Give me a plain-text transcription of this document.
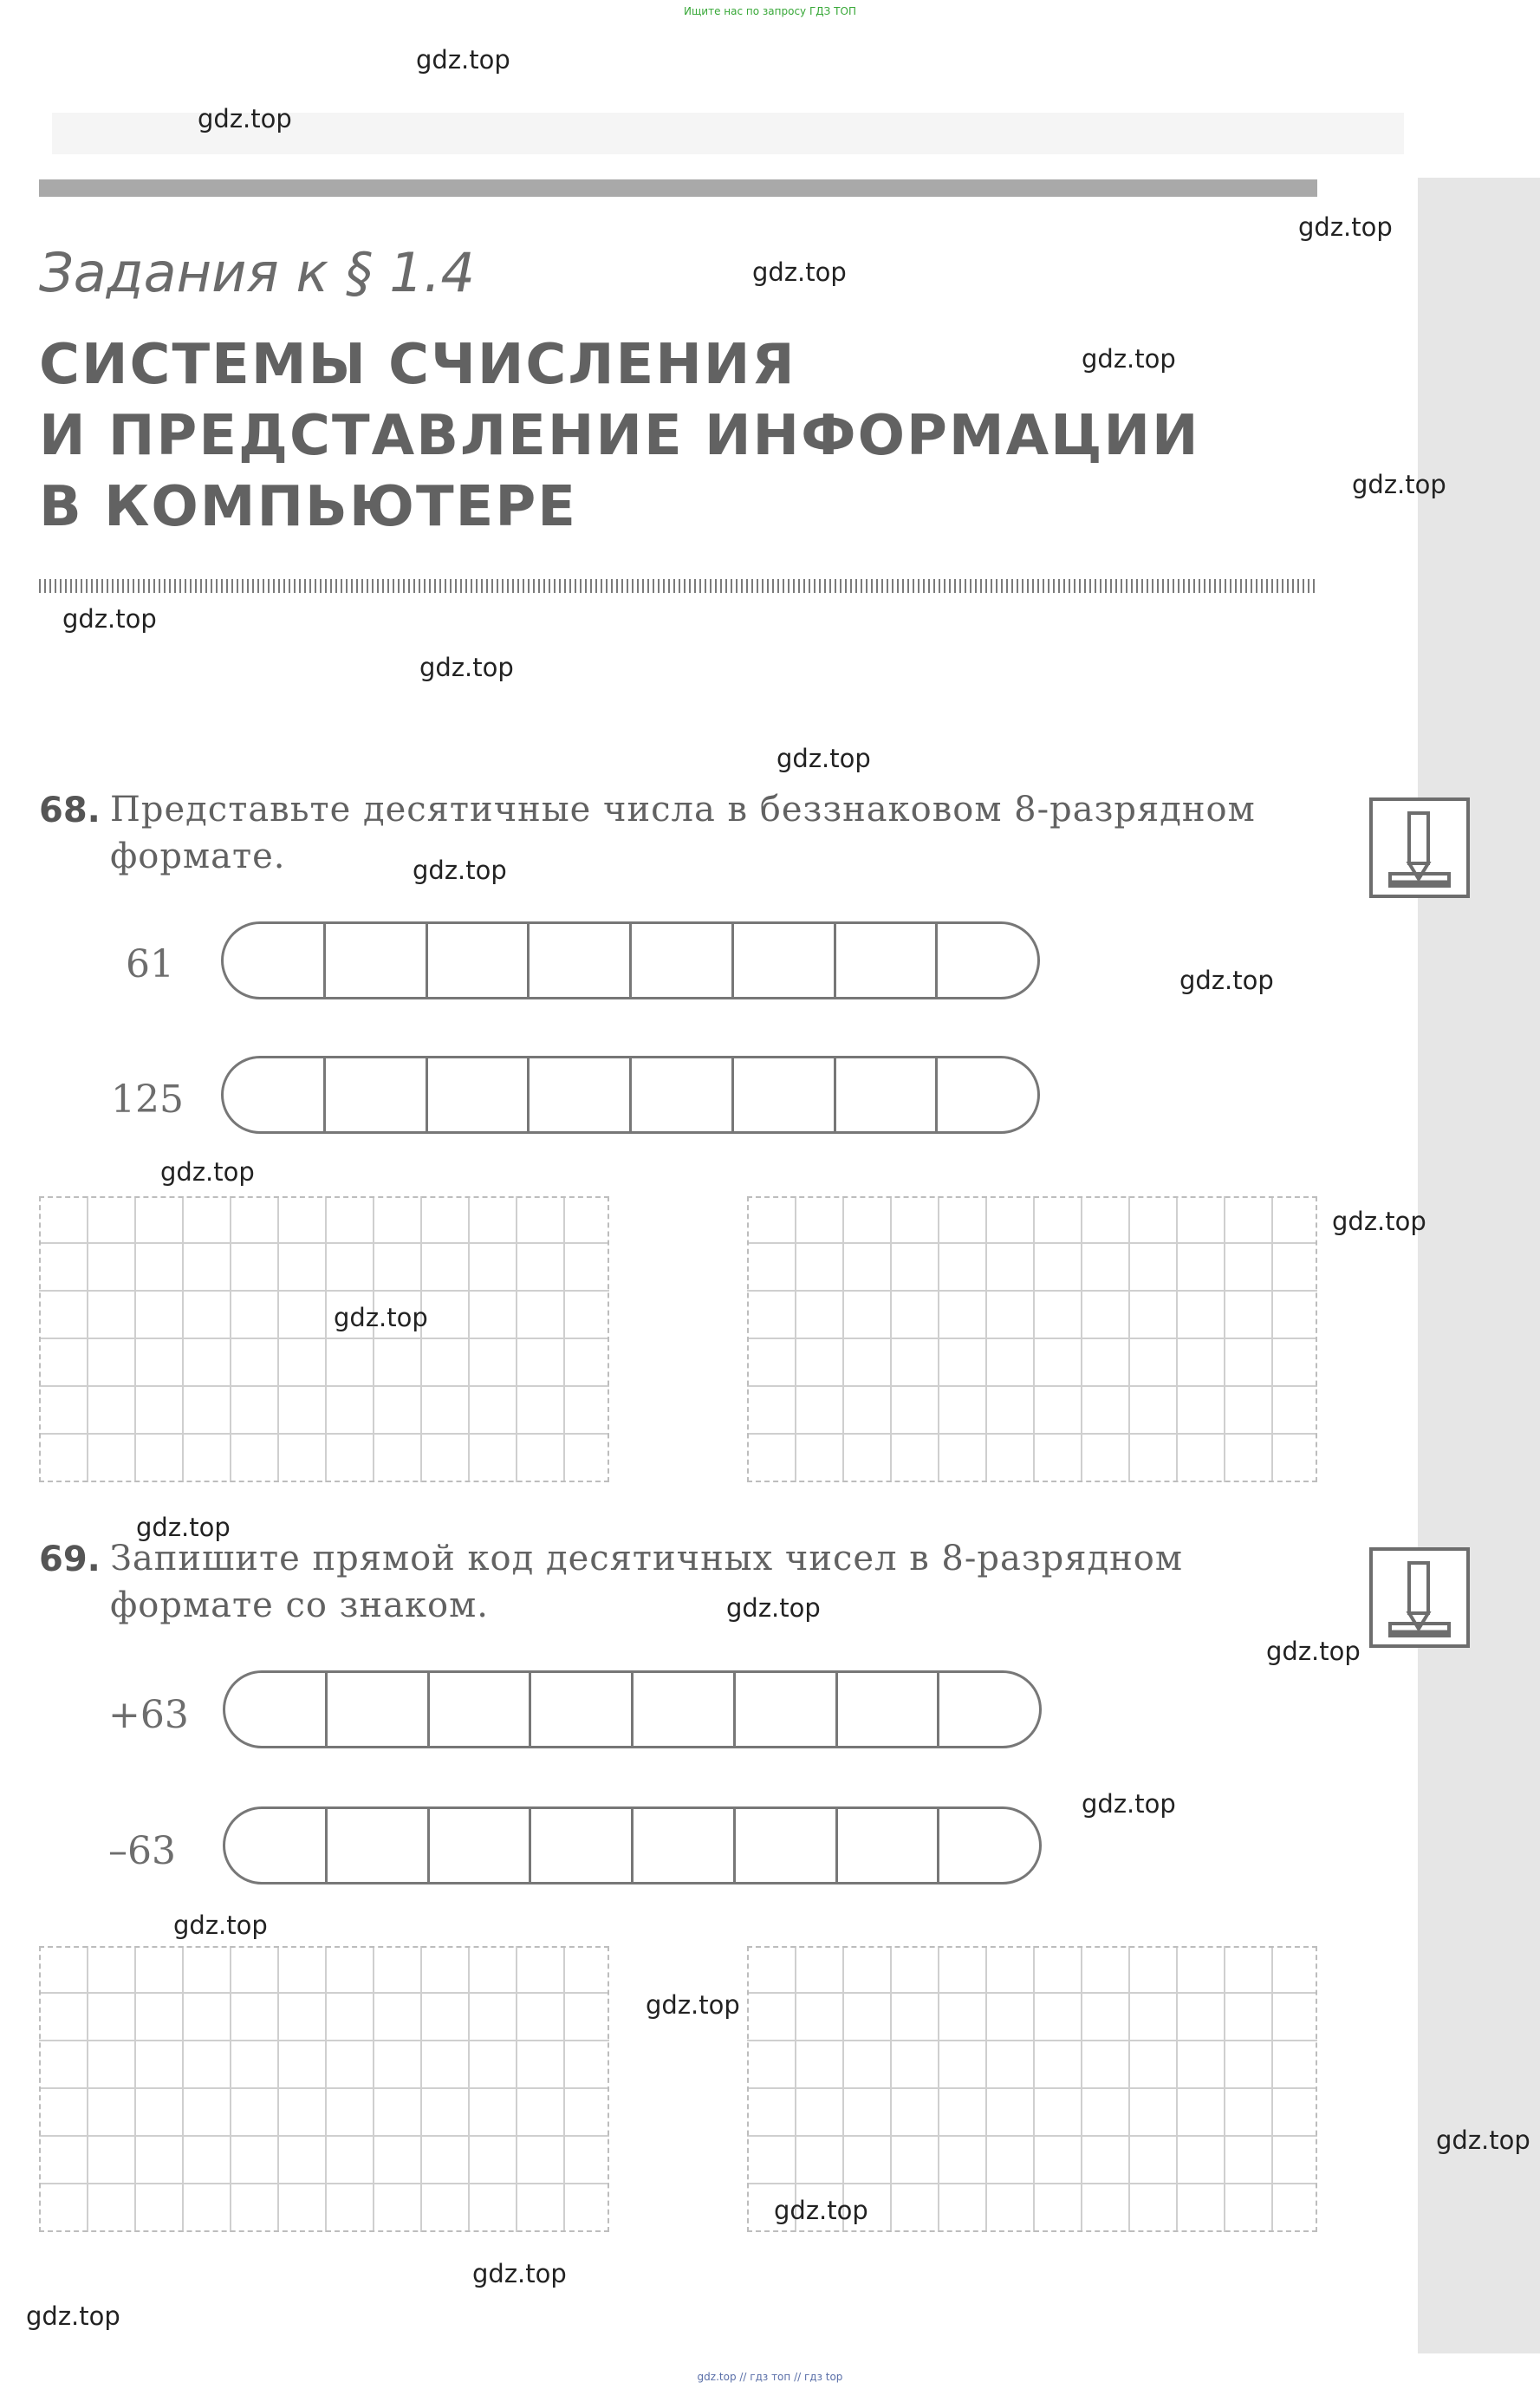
Ищите нас по запросу ГДЗ ТОП
Задания к § 1.4
СИСТЕМЫ СЧИСЛЕНИЯ
И ПРЕДСТАВЛЕНИЕ ИНФОРМАЦИИ
В КОМПЬЮТЕРЕ
68. Представьте десятичные числа в беззнаковом 8-разрядном формате.
61
125
69. Запишите прямой код десятичных чисел в 8-разрядном формате со знаком.
+63
–63
gdz.top
gdz.top
gdz.top
gdz.top
gdz.top
gdz.top
gdz.top
gdz.top
gdz.top
gdz.top
gdz.top
gdz.top
gdz.top
gdz.top
gdz.top
gdz.top
gdz.top
gdz.top
gdz.top
gdz.top
gdz.top
gdz.top
gdz.top
gdz.top
gdz.top // гдз топ // гдз top
